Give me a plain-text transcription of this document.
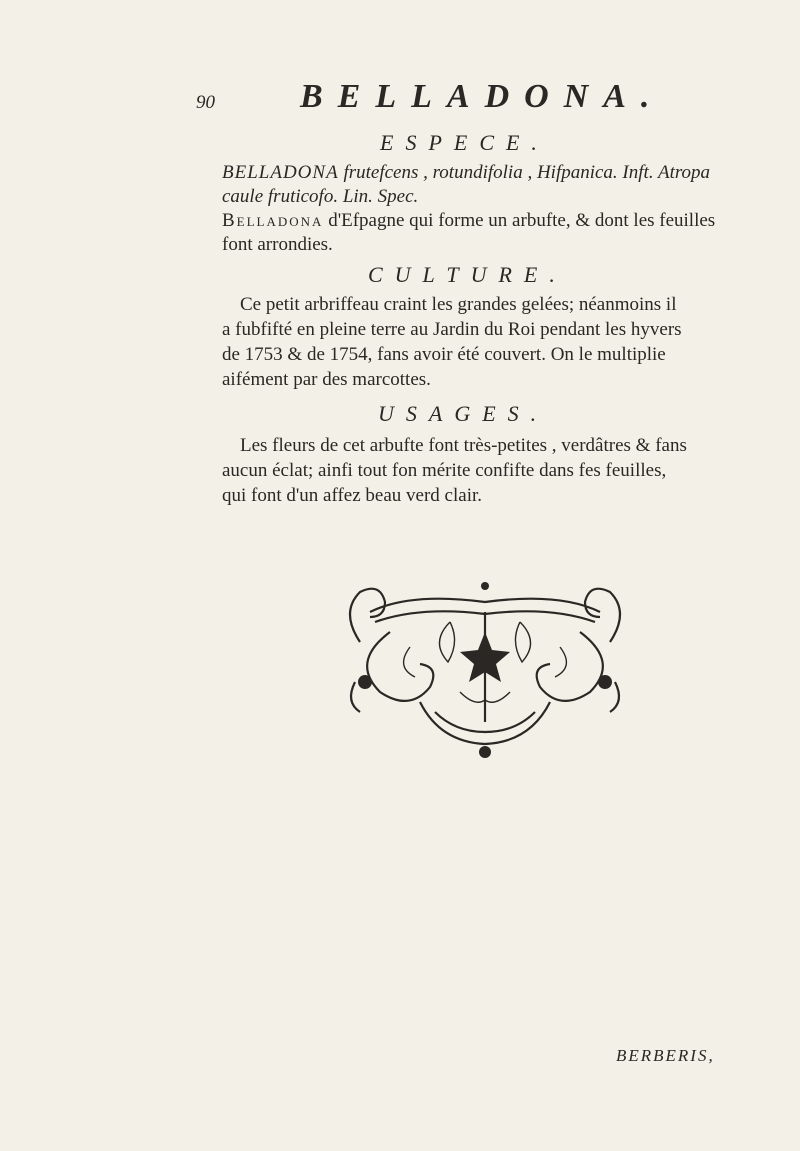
90	BELLADONA.
ESPECE.
BELLADONA frutefcens , rotundifolia , Hifpanica. Inft. Atropa
caule fruticofo. Lin. Spec.
Belladona d'Efpagne qui forme un arbufte, & dont les feuilles
font arrondies.
CULTURE.
Ce petit arbriffeau craint les grandes gelées; néanmoins il
a fubfifté en pleine terre au Jardin du Roi pendant les hyvers
de 1753 & de 1754, fans avoir été couvert. On le multiplie
aifément par des marcottes.
USAGES.
Les fleurs de cet arbufte font très-petites , verdâtres & fans
aucun éclat; ainfi tout fon mérite confifte dans fes feuilles,
qui font d'un affez beau verd clair.
BERBERIS,
